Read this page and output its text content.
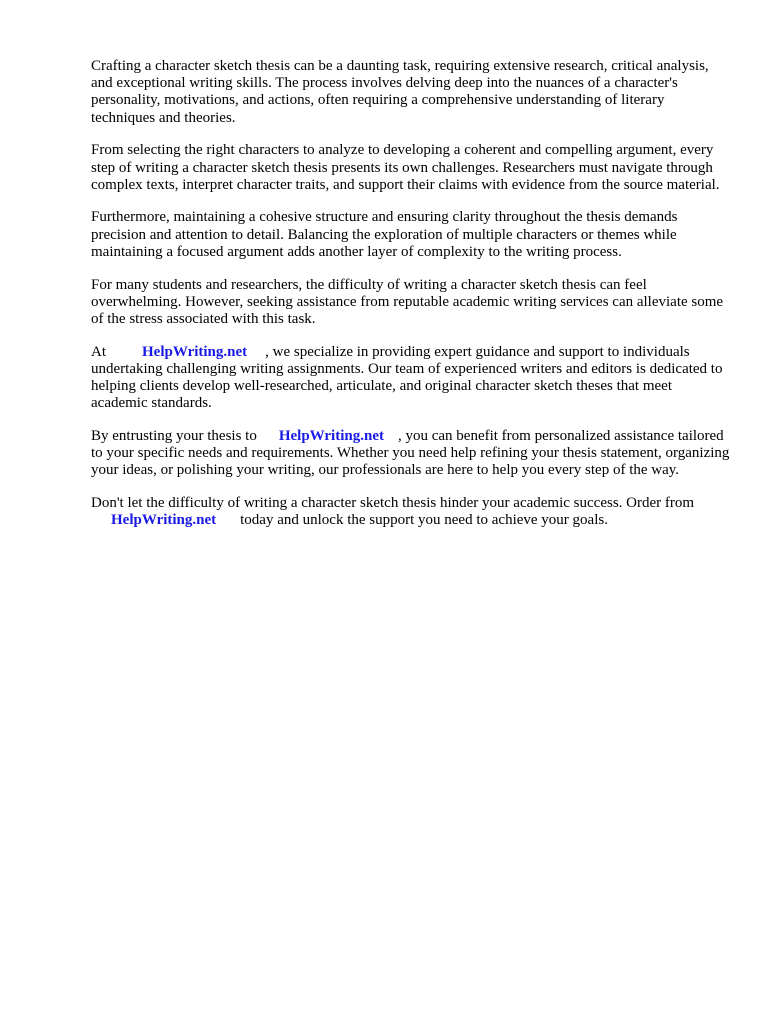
Crafting a character sketch thesis can be a daunting task, requiring extensive research, critical analysis, and exceptional writing skills. The process involves delving deep into the nuances of a character's personality, motivations, and actions, often requiring a comprehensive understanding of literary techniques and theories.

From selecting the right characters to analyze to developing a coherent and compelling argument, every step of writing a character sketch thesis presents its own challenges. Researchers must navigate through complex texts, interpret character traits, and support their claims with evidence from the source material.

Furthermore, maintaining a cohesive structure and ensuring clarity throughout the thesis demands precision and attention to detail. Balancing the exploration of multiple characters or themes while maintaining a focused argument adds another layer of complexity to the writing process.

For many students and researchers, the difficulty of writing a character sketch thesis can feel overwhelming. However, seeking assistance from reputable academic writing services can alleviate some of the stress associated with this task.

At HelpWriting.net , we specialize in providing expert guidance and support to individuals undertaking challenging writing assignments. Our team of experienced writers and editors is dedicated to helping clients develop well-researched, articulate, and original character sketch theses that meet academic standards.

By entrusting your thesis to HelpWriting.net , you can benefit from personalized assistance tailored to your specific needs and requirements. Whether you need help refining your thesis statement, organizing your ideas, or polishing your writing, our professionals are here to help you every step of the way.

Don't let the difficulty of writing a character sketch thesis hinder your academic success. Order from
HelpWriting.net today and unlock the support you need to achieve your goals.
